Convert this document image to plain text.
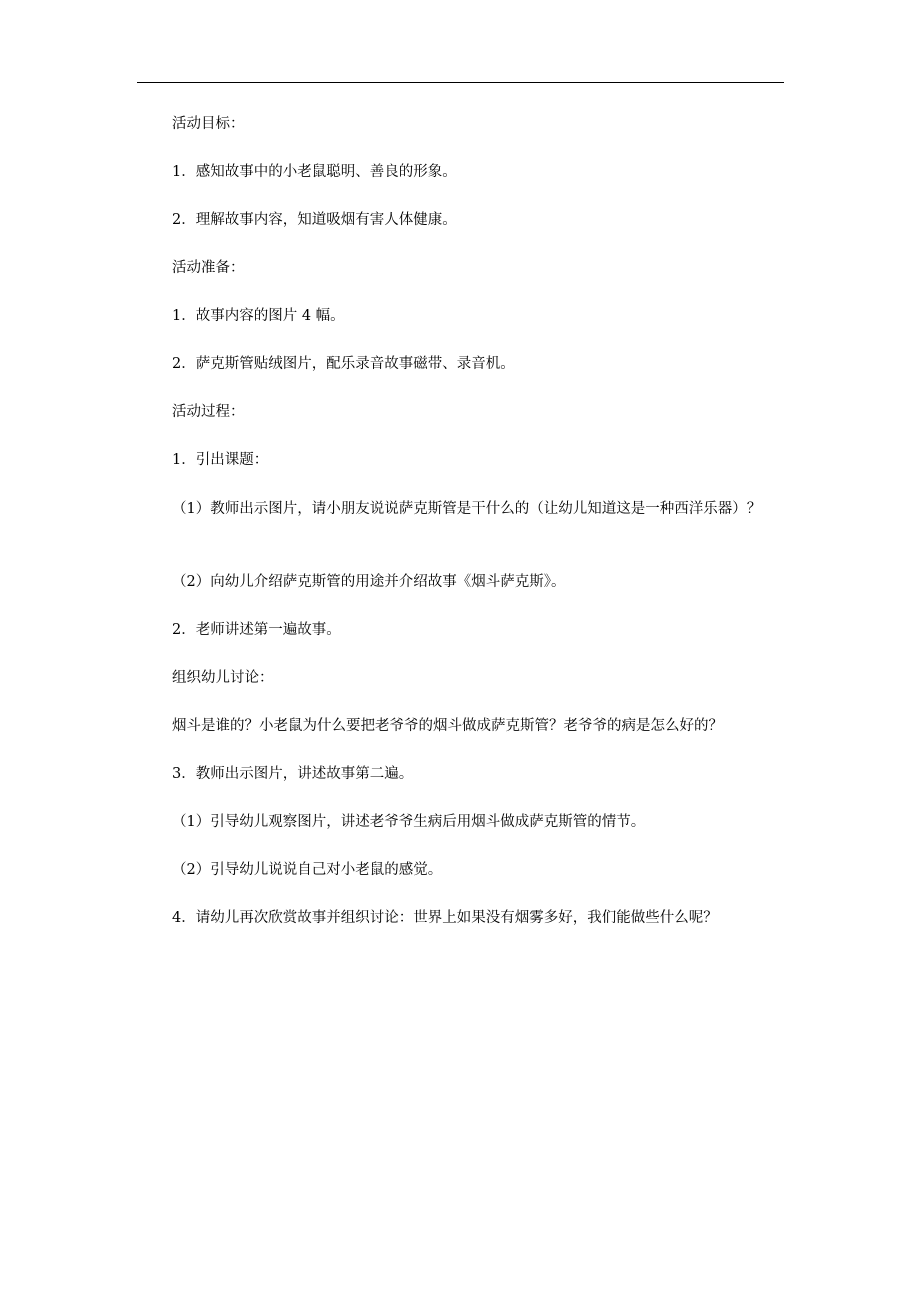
活动目标：
1．感知故事中的小老鼠聪明、善良的形象。
2．理解故事内容，知道吸烟有害人体健康。
活动准备：
1．故事内容的图片 4 幅。
2．萨克斯管贴绒图片，配乐录音故事磁带、录音机。
活动过程：
1．引出课题：
（1）教师出示图片，请小朋友说说萨克斯管是干什么的（让幼儿知道这是一种西洋乐器）？
（2）向幼儿介绍萨克斯管的用途并介绍故事《烟斗萨克斯》。
2．老师讲述第一遍故事。
组织幼儿讨论：
烟斗是谁的？小老鼠为什么要把老爷爷的烟斗做成萨克斯管？老爷爷的病是怎么好的？
3．教师出示图片，讲述故事第二遍。
（1）引导幼儿观察图片，讲述老爷爷生病后用烟斗做成萨克斯管的情节。
（2）引导幼儿说说自己对小老鼠的感觉。
4．请幼儿再次欣赏故事并组织讨论：世界上如果没有烟雾多好，我们能做些什么呢？
